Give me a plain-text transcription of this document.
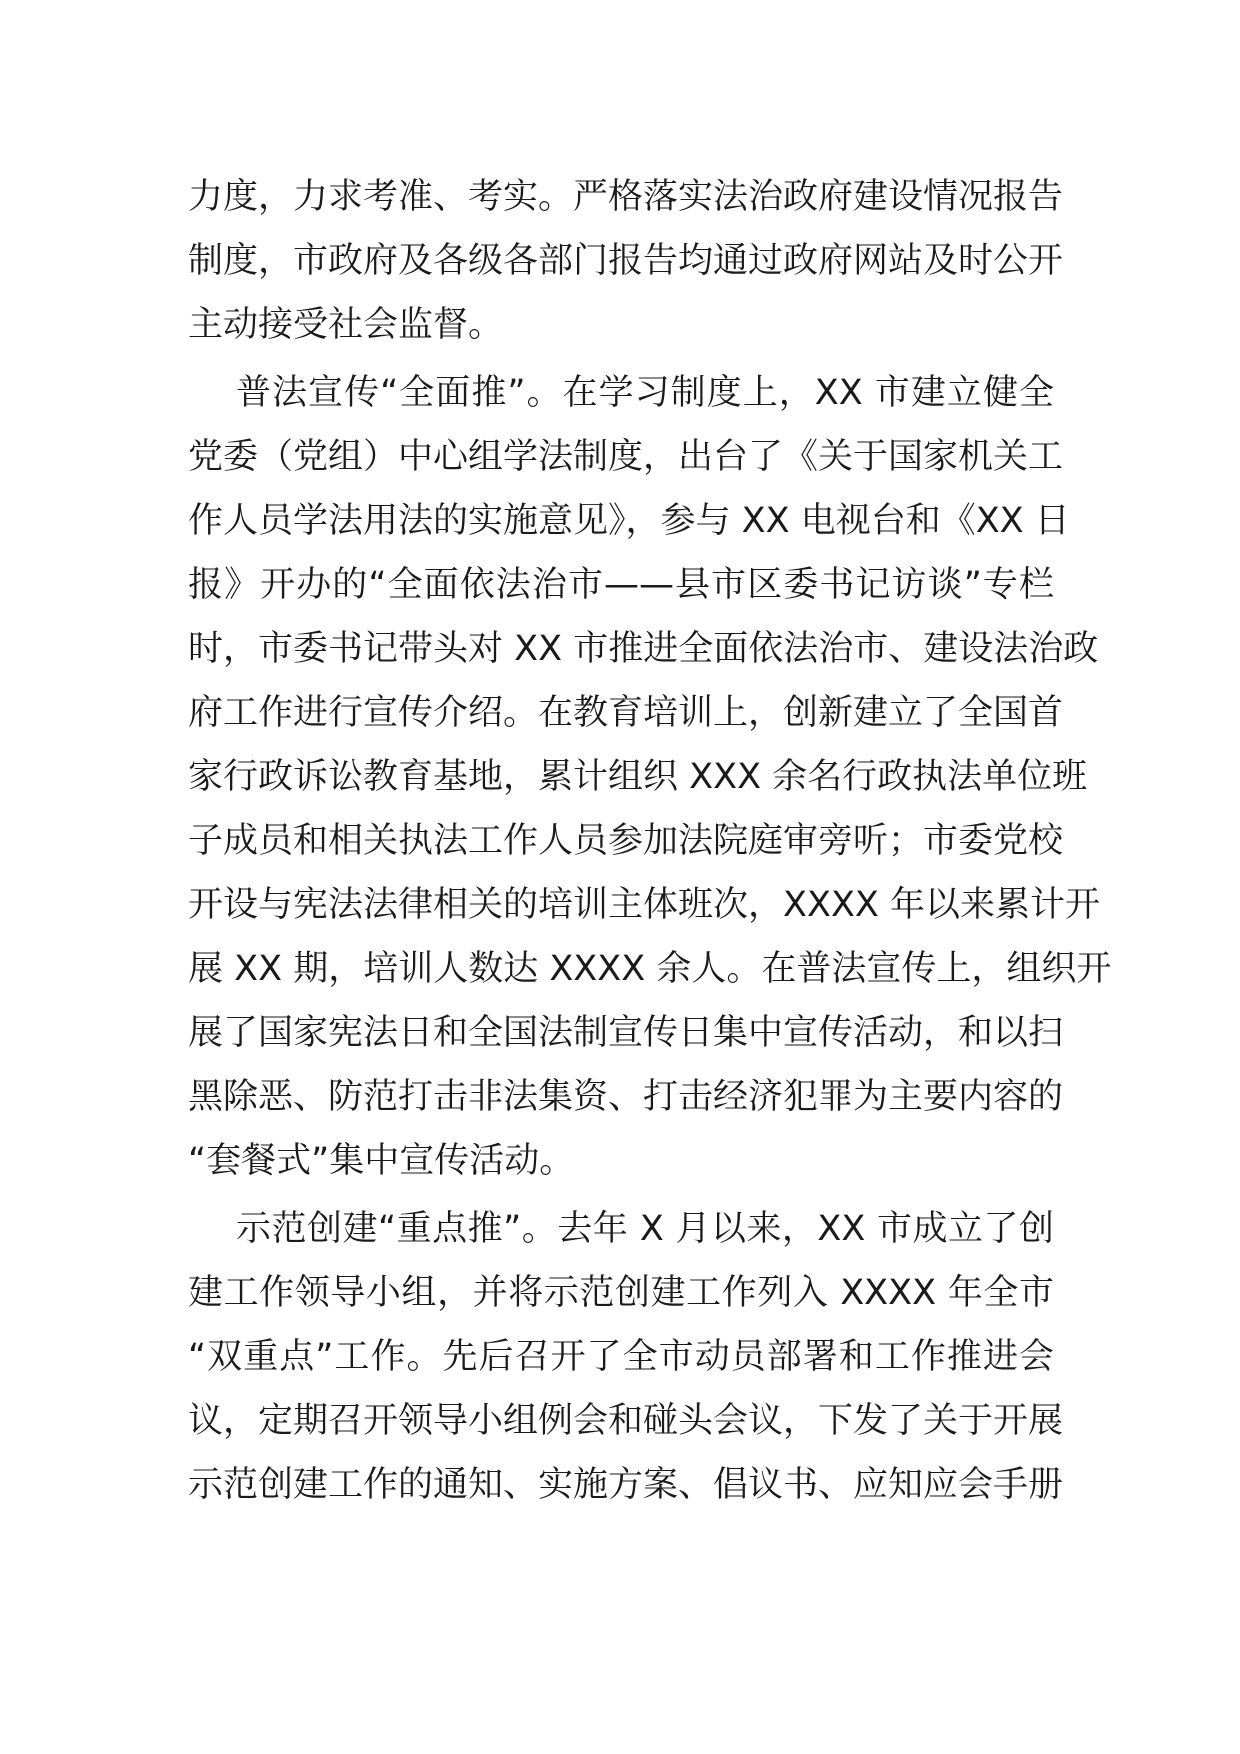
力度，力求考准、考实。严格落实法治政府建设情况报告
制度，市政府及各级各部门报告均通过政府网站及时公开
主动接受社会监督。
普法宣传“全面推”。在学习制度上，XX 市建立健全
党委（党组）中心组学法制度，出台了《关于国家机关工
作人员学法用法的实施意见》，参与 XX 电视台和《XX 日
报》开办的“全面依法治市——县市区委书记访谈”专栏
时，市委书记带头对 XX 市推进全面依法治市、建设法治政
府工作进行宣传介绍。在教育培训上，创新建立了全国首
家行政诉讼教育基地，累计组织 XXX 余名行政执法单位班
子成员和相关执法工作人员参加法院庭审旁听；市委党校
开设与宪法法律相关的培训主体班次，XXXX 年以来累计开
展 XX 期，培训人数达 XXXX 余人。在普法宣传上，组织开
展了国家宪法日和全国法制宣传日集中宣传活动，和以扫
黑除恶、防范打击非法集资、打击经济犯罪为主要内容的
“套餐式”集中宣传活动。
示范创建“重点推”。去年 X 月以来，XX 市成立了创
建工作领导小组，并将示范创建工作列入 XXXX 年全市
“双重点”工作。先后召开了全市动员部署和工作推进会
议，定期召开领导小组例会和碰头会议，下发了关于开展
示范创建工作的通知、实施方案、倡议书、应知应会手册
